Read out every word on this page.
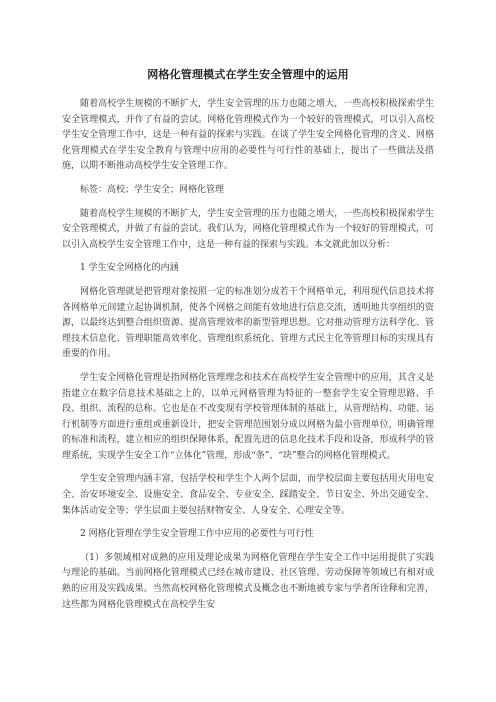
网格化管理模式在学生安全管理中的运用

随着高校学生规模的不断扩大，学生安全管理的压力也随之增大，一些高校积极探索学生安全管理模式，并作了有益的尝试。网格化管理模式作为一个较好的管理模式，可以引入高校学生安全管理工作中，这是一种有益的探索与实践。在谈了学生安全网格化管理的含义、网格化管理模式在学生安全教育与管理中应用的必要性与可行性的基础上，提出了一些做法及措施，以期不断推动高校学生安全管理工作。

标签：高校；学生安全；网格化管理

随着高校学生规模的不断扩大，学生安全管理的压力也随之增大，一些高校积极探索学生安全管理模式，并做了有益的尝试。我们认为，网格化管理模式作为一个较好的管理模式，可以引入高校学生安全管理工作中，这是一种有益的探索与实践。本文就此加以分析：

1 学生安全网格化的内涵

网格化管理就是把管理对象按照一定的标准划分成若干个网格单元，利用现代信息技术将各网格单元间建立起协调机制，使各个网格之间能有效地进行信息交流，透明地共享组织的资源，以最终达到整合组织资源、提高管理效率的新型管理思想。它对推动管理方法科学化、管理技术信息化、管理职能高效率化、管理组织系统化、管理方式民主化等管理目标的实现具有重要的作用。

学生安全网格化管理是指网格化管理理念和技术在高校学生安全管理中的应用，其含义是指建立在数字信息技术基础之上的，以单元网格管理为特征的一整套学生安全管理思路、手段、组织、流程的总称。它也是在不改变现有学校管理体制的基础上，从管理结构、功能、运行机制等方面进行重组或重新设计，把安全管理范围划分成以网格为最小管理单位，明确管理的标准和流程，建立相应的组织保障体系，配置先进的信息化技术手段和设备，形成科学的管理系统，实现学生安全工作“立体化”管理，形成“条”、“块”整合的网格化管理模式。

学生安全管理内涵丰富，包括学校和学生个人两个层面，而学校层面主要包括用火用电安全、治安环境安全、设施安全、食品安全、专业安全、踩踏安全、节日安全、外出交通安全、集体活动安全等；学生层面主要包括财物安全、人身安全、心理安全等。

2 网格化管理在学生安全管理工作中应用的必要性与可行性

（1）多领域相对成熟的应用及理论成果为网格化管理在学生安全工作中运用提供了实践与理论的基础。当前网格化管理模式已经在城市建设、社区管理、劳动保障等领域已有相对成熟的应用及实践成果。当然高校网格化管理模式及概念也不断地被专家与学者所诠释和完善，这些都为网格化管理模式在高校学生安
